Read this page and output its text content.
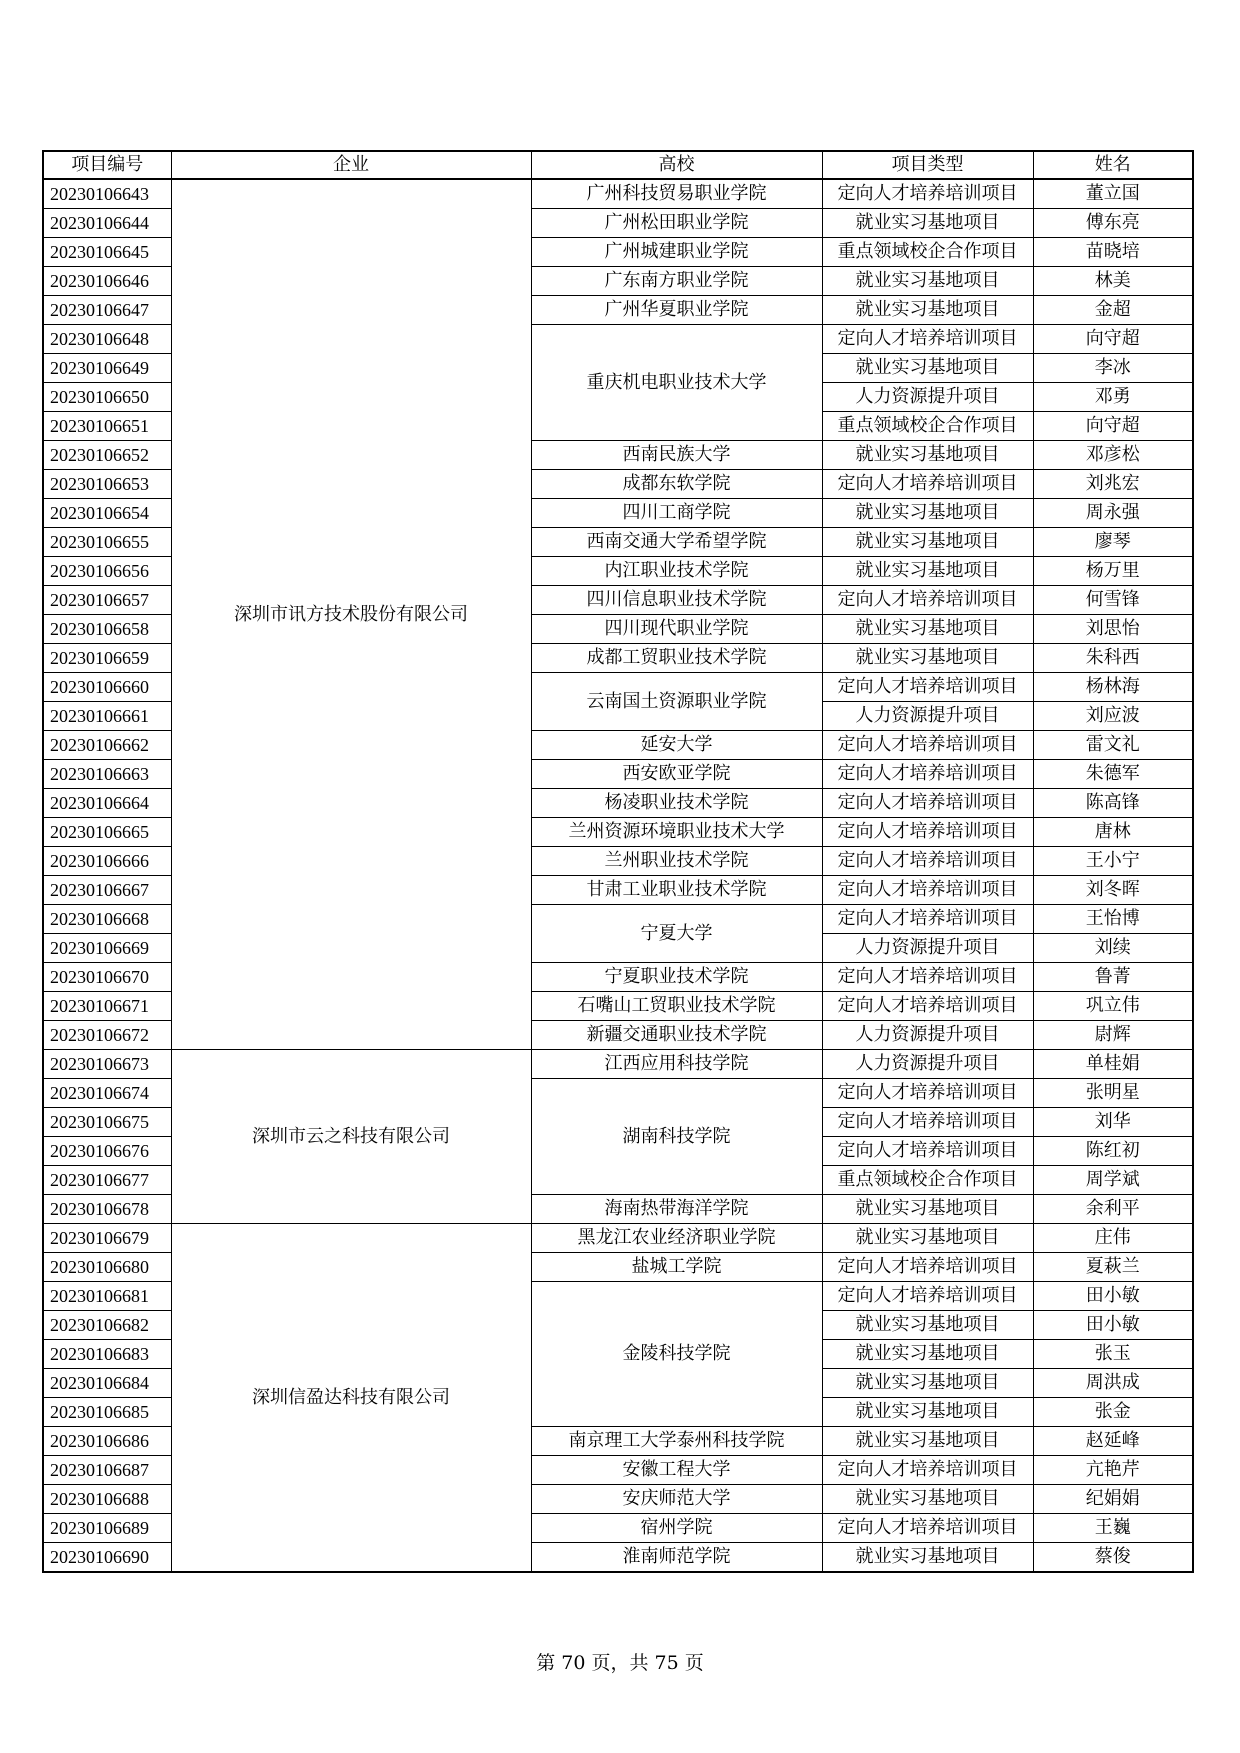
项目编号	企业	高校	项目类型	姓名
20230106643	深圳市讯方技术股份有限公司	广州科技贸易职业学院	定向人才培养培训项目	董立国
20230106644		广州松田职业学院	就业实习基地项目	傅东亮
20230106645		广州城建职业学院	重点领域校企合作项目	苗晓培
20230106646		广东南方职业学院	就业实习基地项目	林美
20230106647		广州华夏职业学院	就业实习基地项目	金超
20230106648		重庆机电职业技术大学	定向人才培养培训项目	向守超
20230106649			就业实习基地项目	李冰
20230106650			人力资源提升项目	邓勇
20230106651			重点领域校企合作项目	向守超
20230106652		西南民族大学	就业实习基地项目	邓彦松
20230106653		成都东软学院	定向人才培养培训项目	刘兆宏
20230106654		四川工商学院	就业实习基地项目	周永强
20230106655		西南交通大学希望学院	就业实习基地项目	廖琴
20230106656		内江职业技术学院	就业实习基地项目	杨万里
20230106657		四川信息职业技术学院	定向人才培养培训项目	何雪锋
20230106658		四川现代职业学院	就业实习基地项目	刘思怡
20230106659		成都工贸职业技术学院	就业实习基地项目	朱科西
20230106660		云南国土资源职业学院	定向人才培养培训项目	杨林海
20230106661			人力资源提升项目	刘应波
20230106662		延安大学	定向人才培养培训项目	雷文礼
20230106663		西安欧亚学院	定向人才培养培训项目	朱德军
20230106664		杨凌职业技术学院	定向人才培养培训项目	陈高锋
20230106665		兰州资源环境职业技术大学	定向人才培养培训项目	唐林
20230106666		兰州职业技术学院	定向人才培养培训项目	王小宁
20230106667		甘肃工业职业技术学院	定向人才培养培训项目	刘冬晖
20230106668		宁夏大学	定向人才培养培训项目	王怡博
20230106669			人力资源提升项目	刘续
20230106670		宁夏职业技术学院	定向人才培养培训项目	鲁菁
20230106671		石嘴山工贸职业技术学院	定向人才培养培训项目	巩立伟
20230106672		新疆交通职业技术学院	人力资源提升项目	尉辉
20230106673	深圳市云之科技有限公司	江西应用科技学院	人力资源提升项目	单桂娟
20230106674		湖南科技学院	定向人才培养培训项目	张明星
20230106675			定向人才培养培训项目	刘华
20230106676			定向人才培养培训项目	陈红初
20230106677			重点领域校企合作项目	周学斌
20230106678		海南热带海洋学院	就业实习基地项目	余利平
20230106679	深圳信盈达科技有限公司	黑龙江农业经济职业学院	就业实习基地项目	庄伟
20230106680		盐城工学院	定向人才培养培训项目	夏萩兰
20230106681		金陵科技学院	定向人才培养培训项目	田小敏
20230106682			就业实习基地项目	田小敏
20230106683			就业实习基地项目	张玉
20230106684			就业实习基地项目	周洪成
20230106685			就业实习基地项目	张金
20230106686		南京理工大学泰州科技学院	就业实习基地项目	赵延峰
20230106687		安徽工程大学	定向人才培养培训项目	亢艳芹
20230106688		安庆师范大学	就业实习基地项目	纪娟娟
20230106689		宿州学院	定向人才培养培训项目	王巍
20230106690		淮南师范学院	就业实习基地项目	蔡俊
第 70 页，共 75 页
